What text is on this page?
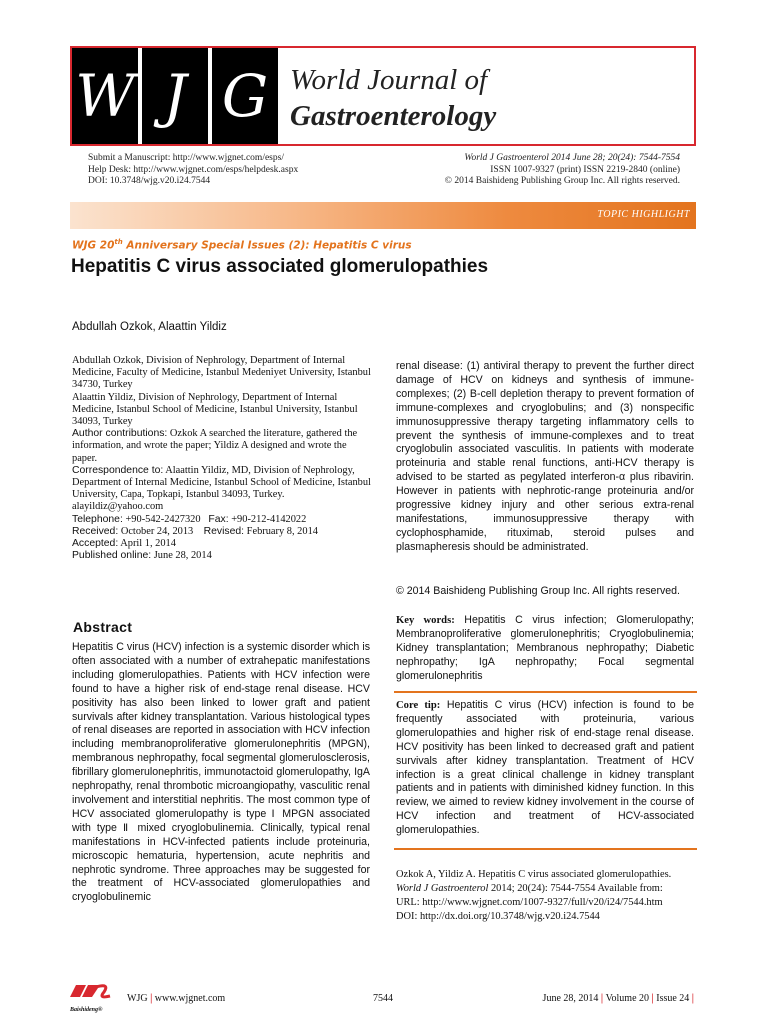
W J G World Journal of
Gastroenterology
Submit a Manuscript: http://www.wjgnet.com/esps/
Help Desk: http://www.wjgnet.com/esps/helpdesk.aspx
DOI: 10.3748/wjg.v20.i24.7544
World J Gastroenterol 2014 June 28; 20(24): 7544-7554
ISSN 1007-9327 (print) ISSN 2219-2840 (online)
© 2014 Baishideng Publishing Group Inc. All rights reserved.
TOPIC HIGHLIGHT
WJG 20th Anniversary Special Issues (2): Hepatitis C virus
Hepatitis C virus associated glomerulopathies
Abdullah Ozkok, Alaattin Yildiz

Abdullah Ozkok, Division of Nephrology, Department of Internal Medicine, Faculty of Medicine, Istanbul Medeniyet University, Istanbul 34730, Turkey

Alaattin Yildiz, Division of Nephrology, Department of Internal Medicine, Istanbul School of Medicine, Istanbul University, Istanbul 34093, Turkey

Author contributions: Ozkok A searched the literature, gathered the information, and wrote the paper; Yildiz A designed and wrote the paper.

Correspondence to: Alaattin Yildiz, MD, Division of Nephrology, Department of Internal Medicine, Istanbul School of Medicine, Istanbul University, Capa, Topkapi, Istanbul 34093, Turkey. alayildiz@yahoo.com

Telephone: +90-542-2427320 Fax: +90-212-4142022

Received: October 24, 2013 Revised: February 8, 2014

Accepted: April 1, 2014

Published online: June 28, 2014

Abstract
Hepatitis C virus (HCV) infection is a systemic disorder which is often associated with a number of extrahepatic manifestations including glomerulopathies. Patients with HCV infection were found to have a higher risk of end-stage renal disease. HCV positivity has also been linked to lower graft and patient survivals after kidney transplantation. Various histological types of renal diseases are reported in association with HCV infection including membranoproliferative glomerulonephritis (MPGN), membranous nephropathy, focal segmental glomerulosclerosis, fibrillary glomerulonephritis, immunotactoid glomerulopathy, IgA nephropathy, renal thrombotic microangiopathy, vasculitic renal involvement and interstitial nephritis. The most common type of HCV associated glomerulopathy is type Ⅰ MPGN associated with type Ⅱ mixed cryoglobulinemia. Clinically, typical renal manifestations in HCV-infected patients include proteinuria, microscopic hematuria, hypertension, acute nephritis and nephrotic syndrome. Three approaches may be suggested for the treatment of HCV-associated glomerulopathies and cryoglobulinemic
renal disease: (1) antiviral therapy to prevent the further direct damage of HCV on kidneys and synthesis of immune-complexes; (2) B-cell depletion therapy to prevent formation of immune-complexes and cryoglobulins; and (3) nonspecific immunosuppressive therapy targeting inflammatory cells to prevent the synthesis of immune-complexes and to treat cryoglobulin associated vasculitis. In patients with moderate proteinuria and stable renal functions, anti-HCV therapy is advised to be started as pegylated interferon-α plus ribavirin. However in patients with nephrotic-range proteinuria and/or progressive kidney injury and other serious extra-renal manifestations, immunosuppressive therapy with cyclophosphamide, rituximab, steroid pulses and plasmapheresis should be administrated.
© 2014 Baishideng Publishing Group Inc. All rights reserved.
Key words: Hepatitis C virus infection; Glomerulopathy; Membranoproliferative glomerulonephritis; Cryoglobulinemia; Kidney transplantation; Membranous nephropathy; Diabetic nephropathy; IgA nephropathy; Focal segmental glomerulonephritis
Core tip: Hepatitis C virus (HCV) infection is found to be frequently associated with proteinuria, various glomerulopathies and higher risk of end-stage renal disease. HCV positivity has been linked to decreased graft and patient survivals after kidney transplantation. Treatment of HCV infection is a great clinical challenge in kidney transplant patients and in patients with diminished kidney function. In this review, we aimed to review kidney involvement in the course of HCV infection and treatment of HCV-associated glomerulopathies.
Ozkok A, Yildiz A. Hepatitis C virus associated glomerulopathies.
World J Gastroenterol 2014; 20(24): 7544-7554 Available from:
URL: http://www.wjgnet.com/1007-9327/full/v20/i24/7544.htm
DOI: http://dx.doi.org/10.3748/wjg.v20.i24.7544
Baishideng®
WJG | www.wjgnet.com	7544	June 28, 2014 | Volume 20 | Issue 24 |
